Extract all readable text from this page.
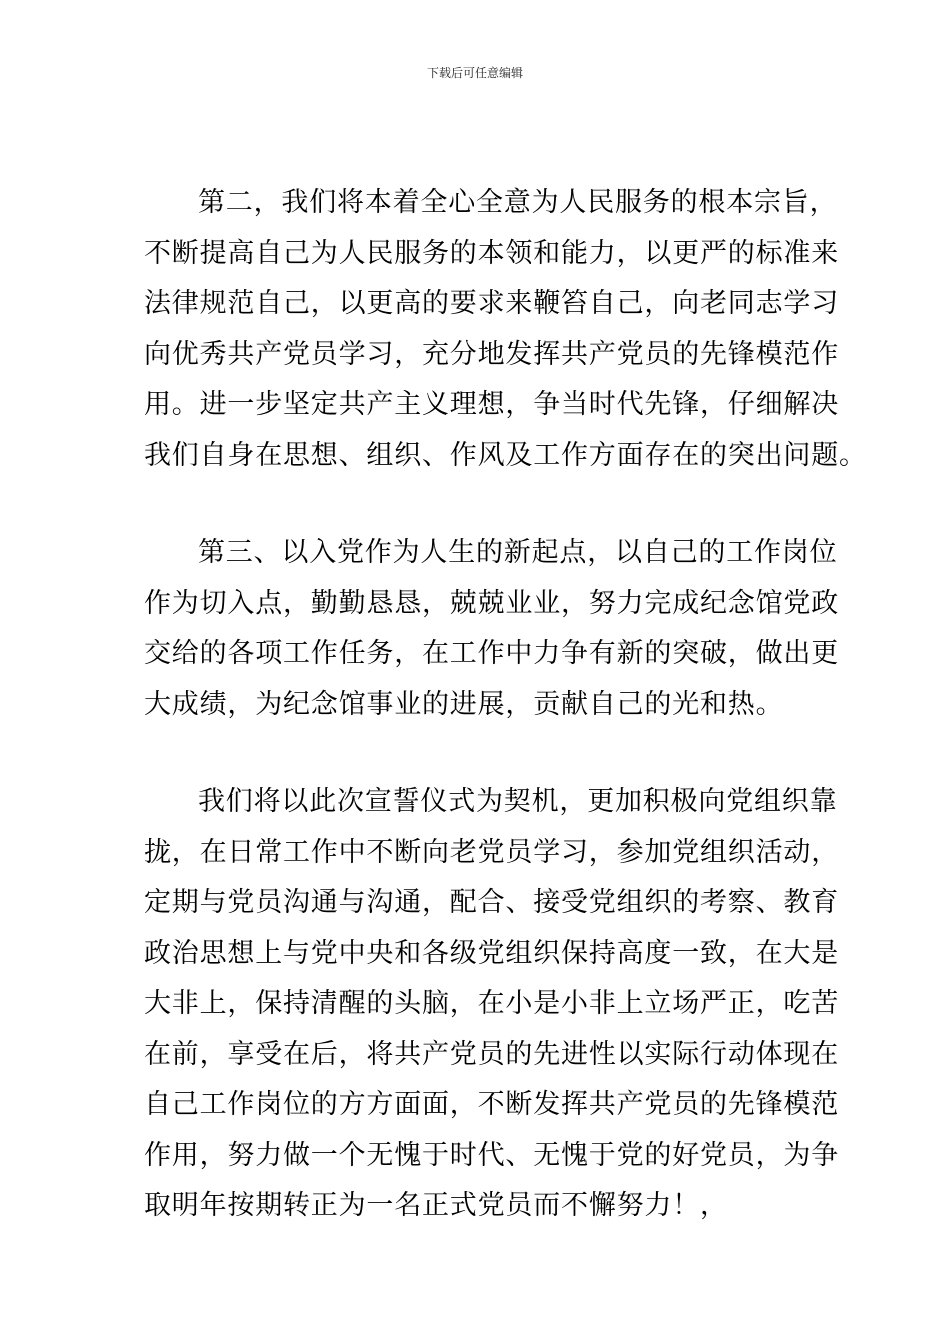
下载后可任意编辑

第二，我们将本着全心全意为人民服务的根本宗旨，
不断提高自己为人民服务的本领和能力，以更严的标准来
法律规范自己，以更高的要求来鞭笞自己，向老同志学习
向优秀共产党员学习，充分地发挥共产党员的先锋模范作
用。进一步坚定共产主义理想，争当时代先锋，仔细解决
我们自身在思想、组织、作风及工作方面存在的突出问题。

第三、以入党作为人生的新起点，以自己的工作岗位
作为切入点，勤勤恳恳，兢兢业业，努力完成纪念馆党政
交给的各项工作任务，在工作中力争有新的突破，做出更
大成绩，为纪念馆事业的进展，贡献自己的光和热。

我们将以此次宣誓仪式为契机，更加积极向党组织靠
拢，在日常工作中不断向老党员学习，参加党组织活动，
定期与党员沟通与沟通，配合、接受党组织的考察、教育
政治思想上与党中央和各级党组织保持高度一致，在大是
大非上，保持清醒的头脑，在小是小非上立场严正，吃苦
在前，享受在后，将共产党员的先进性以实际行动体现在
自己工作岗位的方方面面，不断发挥共产党员的先锋模范
作用，努力做一个无愧于时代、无愧于党的好党员，为争
取明年按期转正为一名正式党员而不懈努力！，
